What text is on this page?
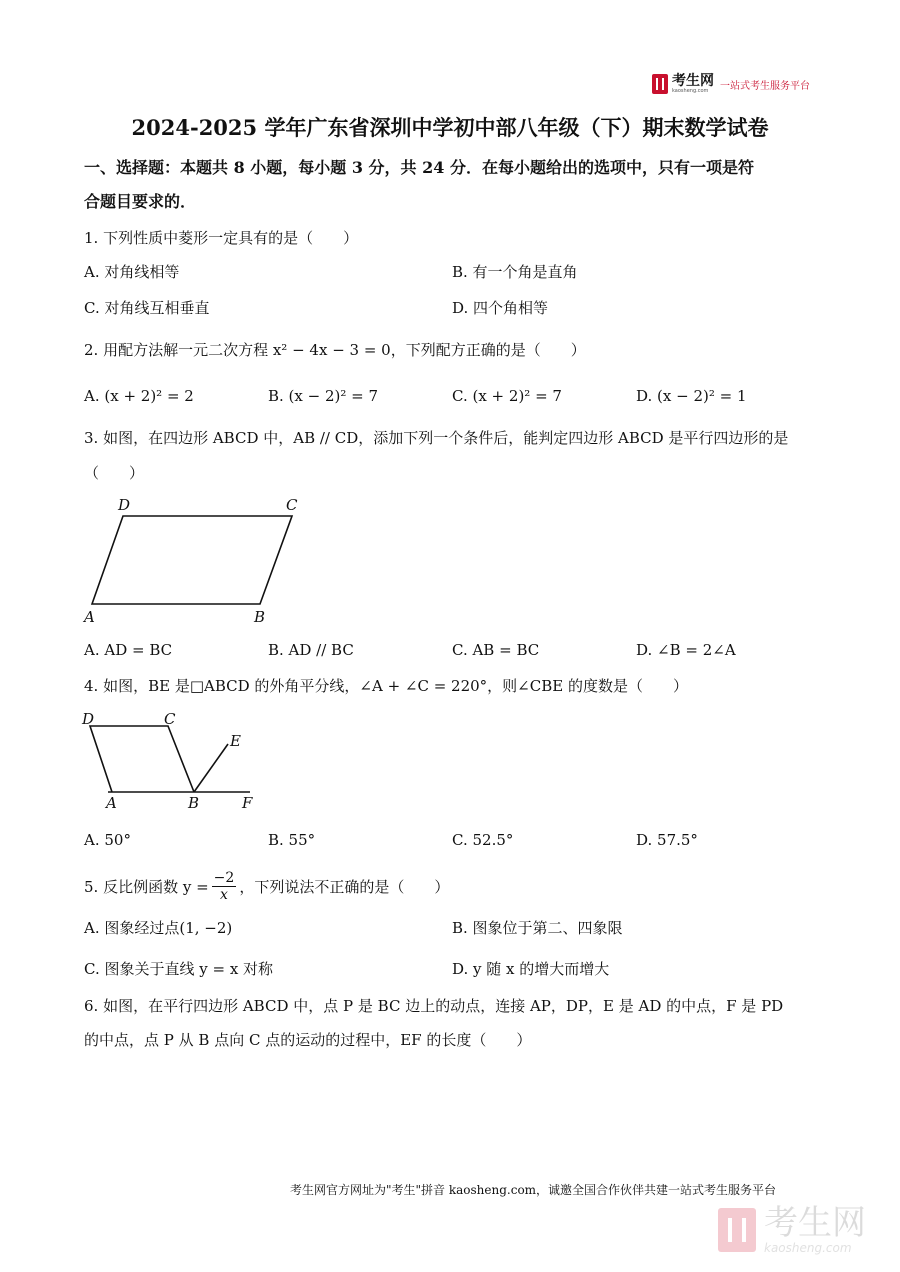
考生网
kaosheng.com	一站式考生服务平台
2024-2025 学年广东省深圳中学初中部八年级（下）期末数学试卷
一、选择题：本题共 8 小题，每小题 3 分，共 24 分．在每小题给出的选项中，只有一项是符
合题目要求的．
1. 下列性质中菱形一定具有的是（　　）
A. 对角线相等	B. 有一个角是直角
C. 对角线互相垂直	D. 四个角相等
2. 用配方法解一元二次方程 x² − 4x − 3 = 0，下列配方正确的是（　　）
A. (x + 2)² = 2	B. (x − 2)² = 7	C. (x + 2)² = 7	D. (x − 2)² = 1
3. 如图，在四边形 ABCD 中，AB // CD，添加下列一个条件后，能判定四边形 ABCD 是平行四边形的是
（　　）
D	C
A	B
A. AD = BC	B. AD // BC	C. AB = BC	D. ∠B = 2∠A
4. 如图，BE 是□ABCD 的外角平分线，∠A + ∠C = 220°，则∠CBE 的度数是（　　）
D	C
E
A	B	F
A. 50°	B. 55°	C. 52.5°	D. 57.5°
5. 反比例函数 $y = \frac{-2}{x}$ ，下列说法不正确的是（　　）
A. 图象经过点(1, −2)	B. 图象位于第二、四象限
C. 图象关于直线 y = x 对称	D. y 随 x 的增大而增大
6. 如图，在平行四边形 ABCD 中，点 P 是 BC 边上的动点，连接 AP，DP，E 是 AD 的中点，F 是 PD
的中点，点 P 从 B 点向 C 点的运动的过程中，EF 的长度（　　）
考生网官方网址为"考生"拼音 kaosheng.com，诚邀全国合作伙伴共建一站式考生服务平台
考生网
kaosheng.com
